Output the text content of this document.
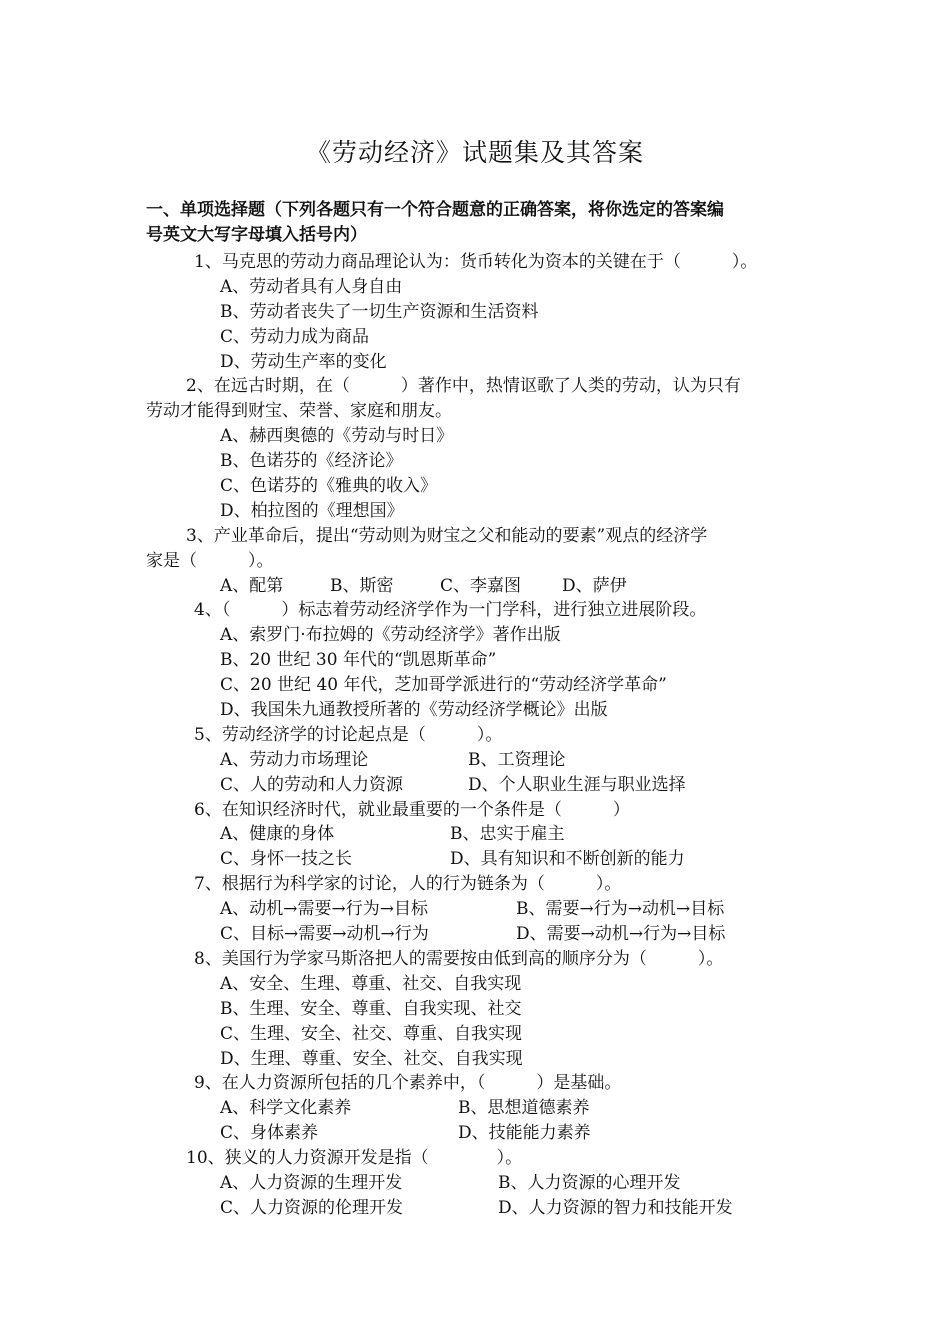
《劳动经济》试题集及其答案
一、单项选择题（下列各题只有一个符合题意的正确答案，将你选定的答案编
号英文大写字母填入括号内）
1、马克思的劳动力商品理论认为：货币转化为资本的关键在于（　　　）。
A、劳动者具有人身自由
B、劳动者丧失了一切生产资源和生活资料
C、劳动力成为商品
D、劳动生产率的变化
2、在远古时期，在（　　　）著作中，热情讴歌了人类的劳动，认为只有
劳动才能得到财宝、荣誉、家庭和朋友。
A、赫西奥德的《劳动与时日》
B、色诺芬的《经济论》
C、色诺芬的《雅典的收入》
D、柏拉图的《理想国》
3、产业革命后，提出“劳动则为财宝之父和能动的要素”观点的经济学
家是（　　　）。
A、配第	B、斯密	C、李嘉图 D、萨伊
4、（　　　）标志着劳动经济学作为一门学科，进行独立进展阶段。
A、索罗门·布拉姆的《劳动经济学》著作出版
B、20 世纪 30 年代的“凯恩斯革命”
C、20 世纪 40 年代，芝加哥学派进行的“劳动经济学革命”
D、我国朱九通教授所著的《劳动经济学概论》出版
5、劳动经济学的讨论起点是（　　　）。
A、劳动力市场理论	B、工资理论
C、人的劳动和人力资源	D、个人职业生涯与职业选择
6、在知识经济时代，就业最重要的一个条件是（　　　）
A、健康的身体	B、忠实于雇主
C、身怀一技之长	D、具有知识和不断创新的能力
7、根据行为科学家的讨论，人的行为链条为（　　　）。
A、动机→需要→行为→目标	B、需要→行为→动机→目标
C、目标→需要→动机→行为	D、需要→动机→行为→目标
8、美国行为学家马斯洛把人的需要按由低到高的顺序分为（　　　）。
A、安全、生理、尊重、社交、自我实现
B、生理、安全、尊重、自我实现、社交
C、生理、安全、社交、尊重、自我实现
D、生理、尊重、安全、社交、自我实现
9、在人力资源所包括的几个素养中，（　　　）是基础。
A、科学文化素养	B、思想道德素养
C、身体素养	D、技能能力素养
10、狭义的人力资源开发是指（　　　　）。
A、人力资源的生理开发	B、人力资源的心理开发
C、人力资源的伦理开发	D、人力资源的智力和技能开发
